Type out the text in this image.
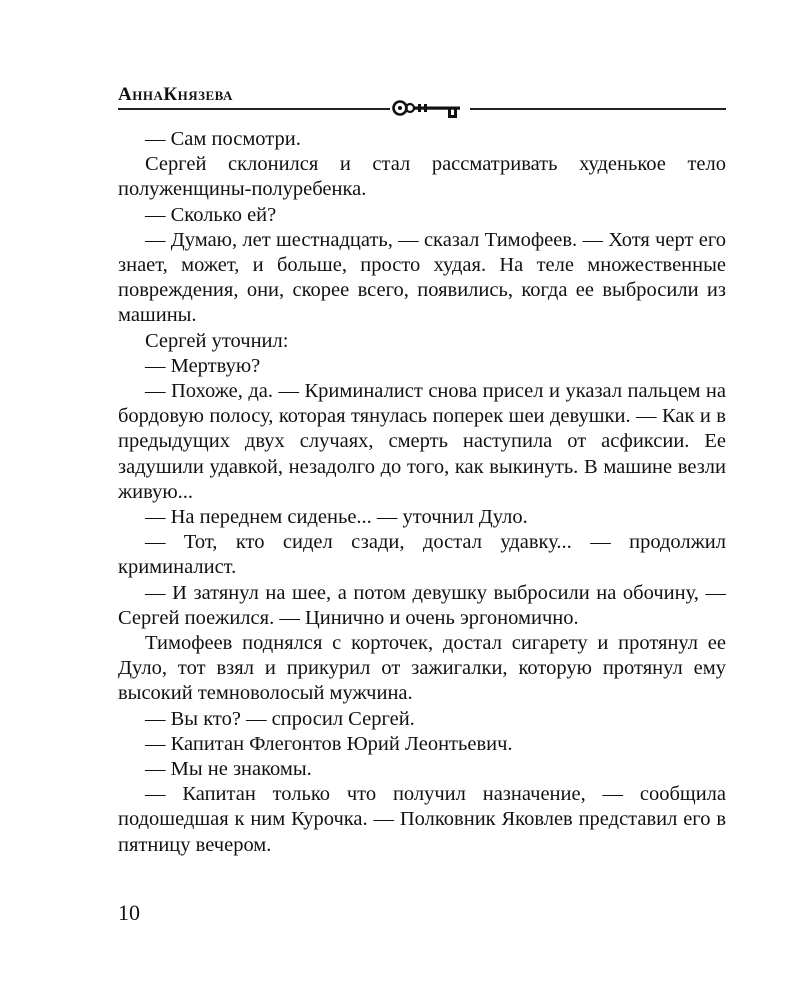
АннаКнязева

— Сам посмотри.

Сергей склонился и стал рассматривать худенькое тело полуженщины-полуребенка.

— Сколько ей?

— Думаю, лет шестнадцать, — сказал Тимофеев. — Хотя черт его знает, может, и больше, просто худая. На теле множественные повреждения, они, скорее всего, появились, когда ее выбросили из машины.

Сергей уточнил:

— Мертвую?

— Похоже, да. — Криминалист снова присел и указал пальцем на бордовую полосу, которая тянулась поперек шеи девушки. — Как и в предыдущих двух случаях, смерть наступила от асфиксии. Ее задушили удавкой, незадолго до того, как выкинуть. В машине везли живую...

— На переднем сиденье... — уточнил Дуло.

— Тот, кто сидел сзади, достал удавку... — продолжил криминалист.

— И затянул на шее, а потом девушку выбросили на обочину, — Сергей поежился. — Цинично и очень эргономично.

Тимофеев поднялся с корточек, достал сигарету и протянул ее Дуло, тот взял и прикурил от зажигалки, которую протянул ему высокий темноволосый мужчина.

— Вы кто? — спросил Сергей.

— Капитан Флегонтов Юрий Леонтьевич.

— Мы не знакомы.

— Капитан только что получил назначение, — сообщила подошедшая к ним Курочка. — Полковник Яковлев представил его в пятницу вечером.

10
